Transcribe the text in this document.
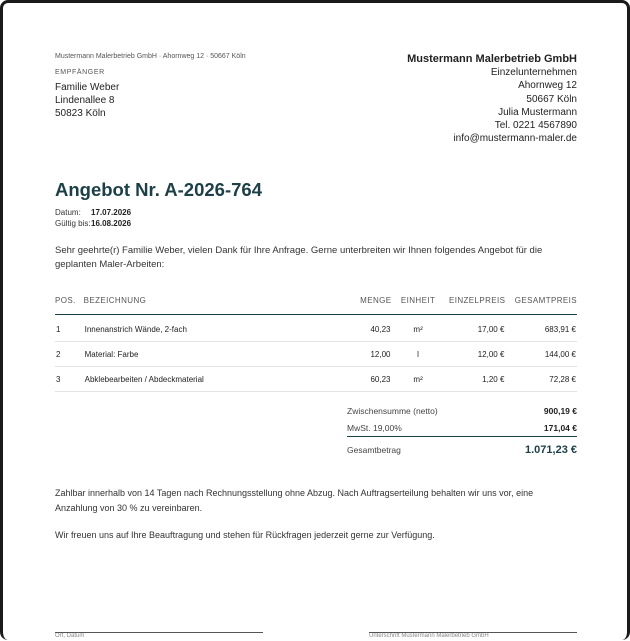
Mustermann Malerbetrieb GmbH · Ahornweg 12 · 50667 Köln
EMPFÄNGER
Familie Weber
Lindenallee 8
50823 Köln
Mustermann Malerbetrieb GmbH
Einzelunternehmen
Ahornweg 12
50667 Köln
Julia Mustermann
Tel. 0221 4567890
info@mustermann-maler.de
Angebot Nr. A-2026-764
Datum: 17.07.2026
Gültig bis:16.08.2026
Sehr geehrte(r) Familie Weber, vielen Dank für Ihre Anfrage. Gerne unterbreiten wir Ihnen folgendes Angebot für die geplanten Maler-Arbeiten:
POS.	BEZEICHNUNG	MENGE	EINHEIT	EINZELPREIS	GESAMTPREIS
1	Innenanstrich Wände, 2-fach	40,23	m²	17,00 €	683,91 €
2	Material: Farbe	12,00	l	12,00 €	144,00 €
3	Abklebearbeiten / Abdeckmaterial	60,23	m²	1,20 €	72,28 €
Zwischensumme (netto)	900,19 €
MwSt. 19,00%	171,04 €
Gesamtbetrag	1.071,23 €
Zahlbar innerhalb von 14 Tagen nach Rechnungsstellung ohne Abzug. Nach Auftragserteilung behalten wir uns vor, eine Anzahlung von 30 % zu vereinbaren.
Wir freuen uns auf Ihre Beauftragung und stehen für Rückfragen jederzeit gerne zur Verfügung.
Ort, Datum	Unterschrift Mustermann Malerbetrieb GmbH
